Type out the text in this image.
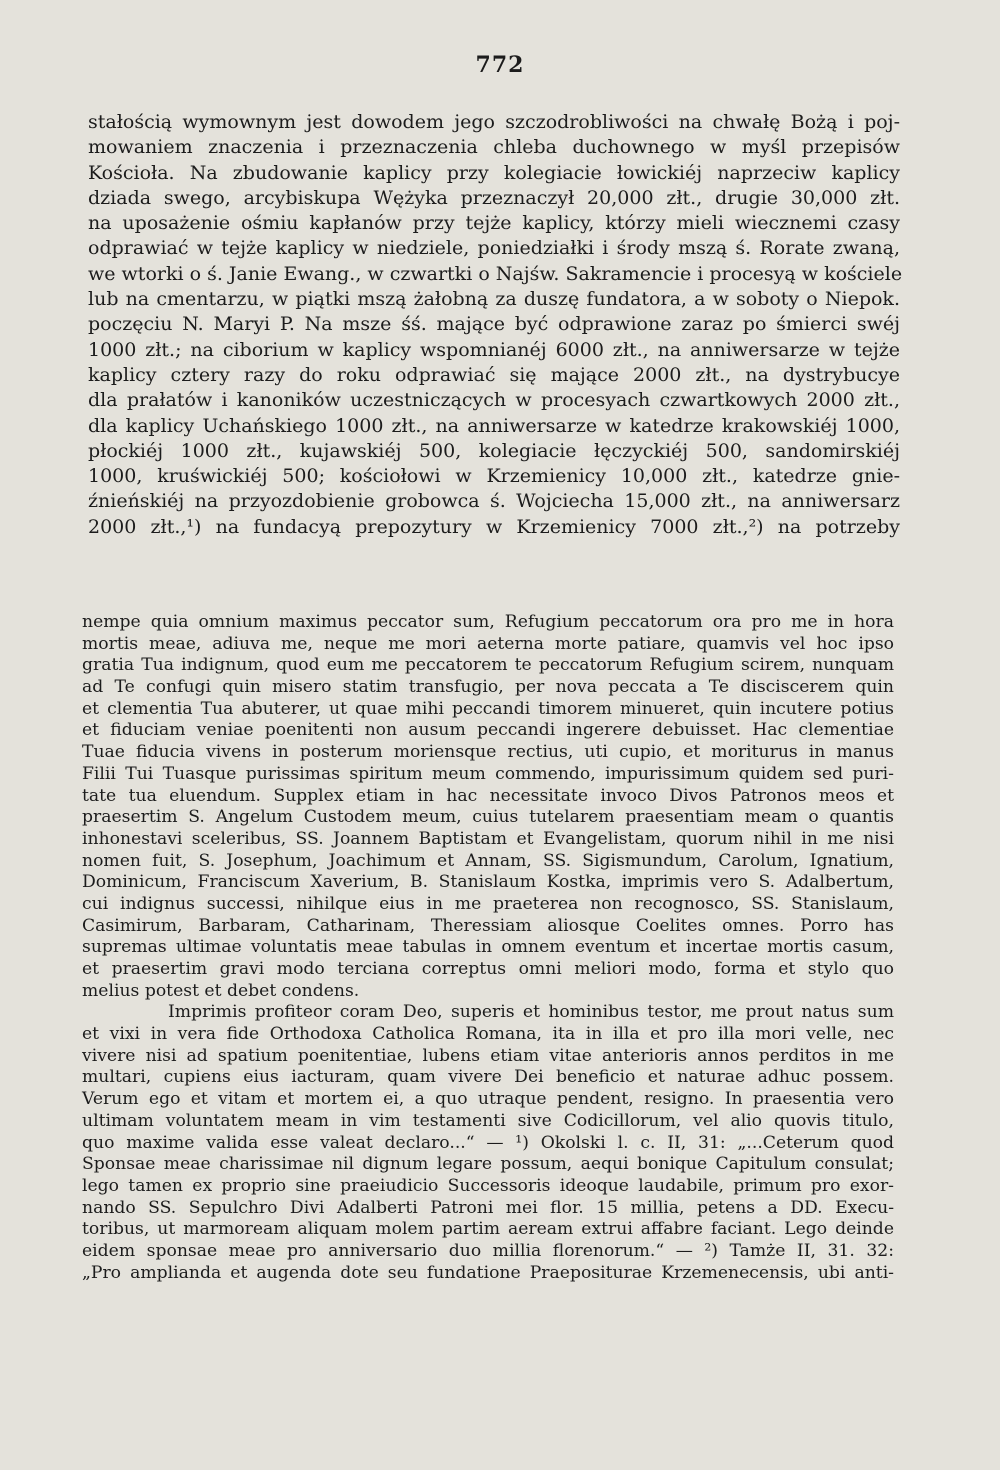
772
stałością wymownym jest dowodem jego szczodrobliwości na chwałę Bożą i poj-
mowaniem znaczenia i przeznaczenia chleba duchownego w myśl przepisów
Kościoła. Na zbudowanie kaplicy przy kolegiacie łowickiéj naprzeciw kaplicy
dziada swego, arcybiskupa Wężyka przeznaczył 20,000 złt., drugie 30,000 złt.
na uposażenie ośmiu kapłanów przy tejże kaplicy, którzy mieli wiecznemi czasy
odprawiać w tejże kaplicy w niedziele, poniedziałki i środy mszą ś. Rorate zwaną,
we wtorki o ś. Janie Ewang., w czwartki o Najśw. Sakramencie i procesyą w kościele
lub na cmentarzu, w piątki mszą żałobną za duszę fundatora, a w soboty o Niepok.
poczęciu N. Maryi P. Na msze śś. mające być odprawione zaraz po śmierci swéj
1000 złt.; na ciborium w kaplicy wspomnianéj 6000 złt., na anniwersarze w tejże
kaplicy cztery razy do roku odprawiać się mające 2000 złt., na dystrybucye
dla prałatów i kanoników uczestniczących w procesyach czwartkowych 2000 złt.,
dla kaplicy Uchańskiego 1000 złt., na anniwersarze w katedrze krakowskiéj 1000,
płockiéj 1000 złt., kujawskiéj 500, kolegiacie łęczyckiéj 500, sandomirskiéj
1000, kruświckiéj 500; kościołowi w Krzemienicy 10,000 złt., katedrze gnie-
źnieńskiéj na przyozdobienie grobowca ś. Wojciecha 15,000 złt., na anniwersarz
2000 złt.,¹) na fundacyą prepozytury w Krzemienicy 7000 złt.,²) na potrzeby
nempe quia omnium maximus peccator sum, Refugium peccatorum ora pro me in hora
mortis meae, adiuva me, neque me mori aeterna morte patiare, quamvis vel hoc ipso
gratia Tua indignum, quod eum me peccatorem te peccatorum Refugium scirem, nunquam
ad Te confugi quin misero statim transfugio, per nova peccata a Te disciscerem quin
et clementia Tua abuterer, ut quae mihi peccandi timorem minueret, quin incutere potius
et fiduciam veniae poenitenti non ausum peccandi ingerere debuisset. Hac clementiae
Tuae fiducia vivens in posterum moriensque rectius, uti cupio, et moriturus in manus
Filii Tui Tuasque purissimas spiritum meum commendo, impurissimum quidem sed puri-
tate tua eluendum. Supplex etiam in hac necessitate invoco Divos Patronos meos et
praesertim S. Angelum Custodem meum, cuius tutelarem praesentiam meam o quantis
inhonestavi sceleribus, SS. Joannem Baptistam et Evangelistam, quorum nihil in me nisi
nomen fuit, S. Josephum, Joachimum et Annam, SS. Sigismundum, Carolum, Ignatium,
Dominicum, Franciscum Xaverium, B. Stanislaum Kostka, imprimis vero S. Adalbertum,
cui indignus successi, nihilque eius in me praeterea non recognosco, SS. Stanislaum,
Casimirum, Barbaram, Catharinam, Theressiam aliosque Coelites omnes. Porro has
supremas ultimae voluntatis meae tabulas in omnem eventum et incertae mortis casum,
et praesertim gravi modo terciana correptus omni meliori modo, forma et stylo quo
melius potest et debet condens.
Imprimis profiteor coram Deo, superis et hominibus testor, me prout natus sum
et vixi in vera fide Orthodoxa Catholica Romana, ita in illa et pro illa mori velle, nec
vivere nisi ad spatium poenitentiae, lubens etiam vitae anterioris annos perditos in me
multari, cupiens eius iacturam, quam vivere Dei beneficio et naturae adhuc possem.
Verum ego et vitam et mortem ei, a quo utraque pendent, resigno. In praesentia vero
ultimam voluntatem meam in vim testamenti sive Codicillorum, vel alio quovis titulo,
quo maxime valida esse valeat declaro...“ — ¹) Okolski l. c. II, 31: „...Ceterum quod
Sponsae meae charissimae nil dignum legare possum, aequi bonique Capitulum consulat;
lego tamen ex proprio sine praeiudicio Successoris ideoque laudabile, primum pro exor-
nando SS. Sepulchro Divi Adalberti Patroni mei flor. 15 millia, petens a DD. Execu-
toribus, ut marmoream aliquam molem partim aeream extrui affabre faciant. Lego deinde
eidem sponsae meae pro anniversario duo millia florenorum.“ — ²) Tamże II, 31. 32:
„Pro amplianda et augenda dote seu fundatione Praepositurae Krzemenecensis, ubi anti-
